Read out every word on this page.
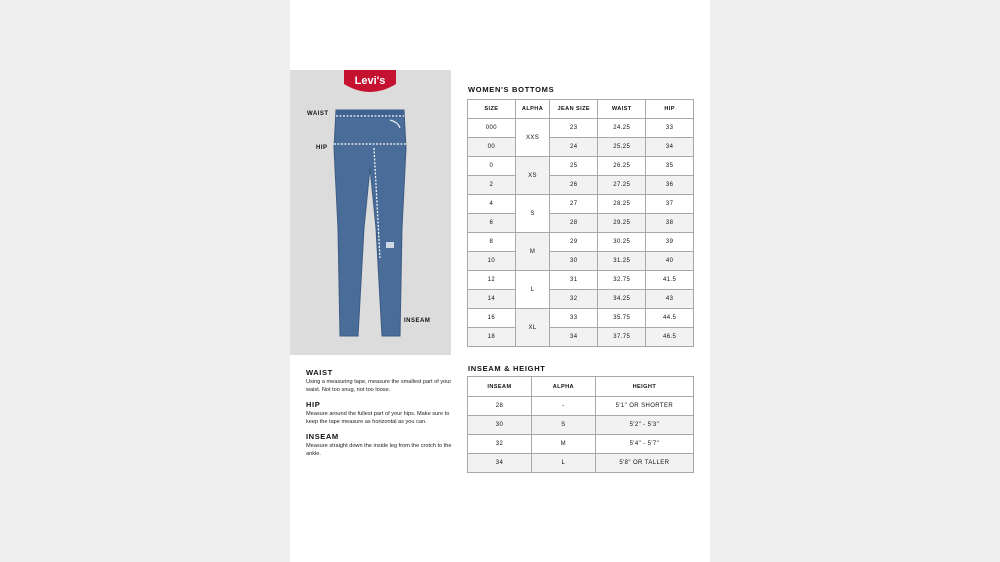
Levi's
WAIST
HIP
INSEAM
WAIST

Using a measuring tape, measure the smallest part of your waist. Not too snug, not too loose.

HIP

Measure around the fullest part of your hips. Make sure to keep the tape measure as horizontal as you can.

INSEAM

Measure straight down the inside leg from the crotch to the ankle.

WOMEN'S BOTTOMS
SIZE	ALPHA	JEAN SIZE	WAIST	HIP
000	XXS	23	24.25	33
00		24	25.25	34
0	XS	25	26.25	35
2		26	27.25	36
4	S	27	28.25	37
6		28	29.25	38
8	M	29	30.25	39
10		30	31.25	40
12	L	31	32.75	41.5
14		32	34.25	43
16	XL	33	35.75	44.5
18		34	37.75	46.5
INSEAM & HEIGHT
INSEAM	ALPHA	HEIGHT
28	-	5'1" OR SHORTER
30	S	5'2" - 5'3"
32	M	5'4" - 5'7"
34	L	5'8" OR TALLER
